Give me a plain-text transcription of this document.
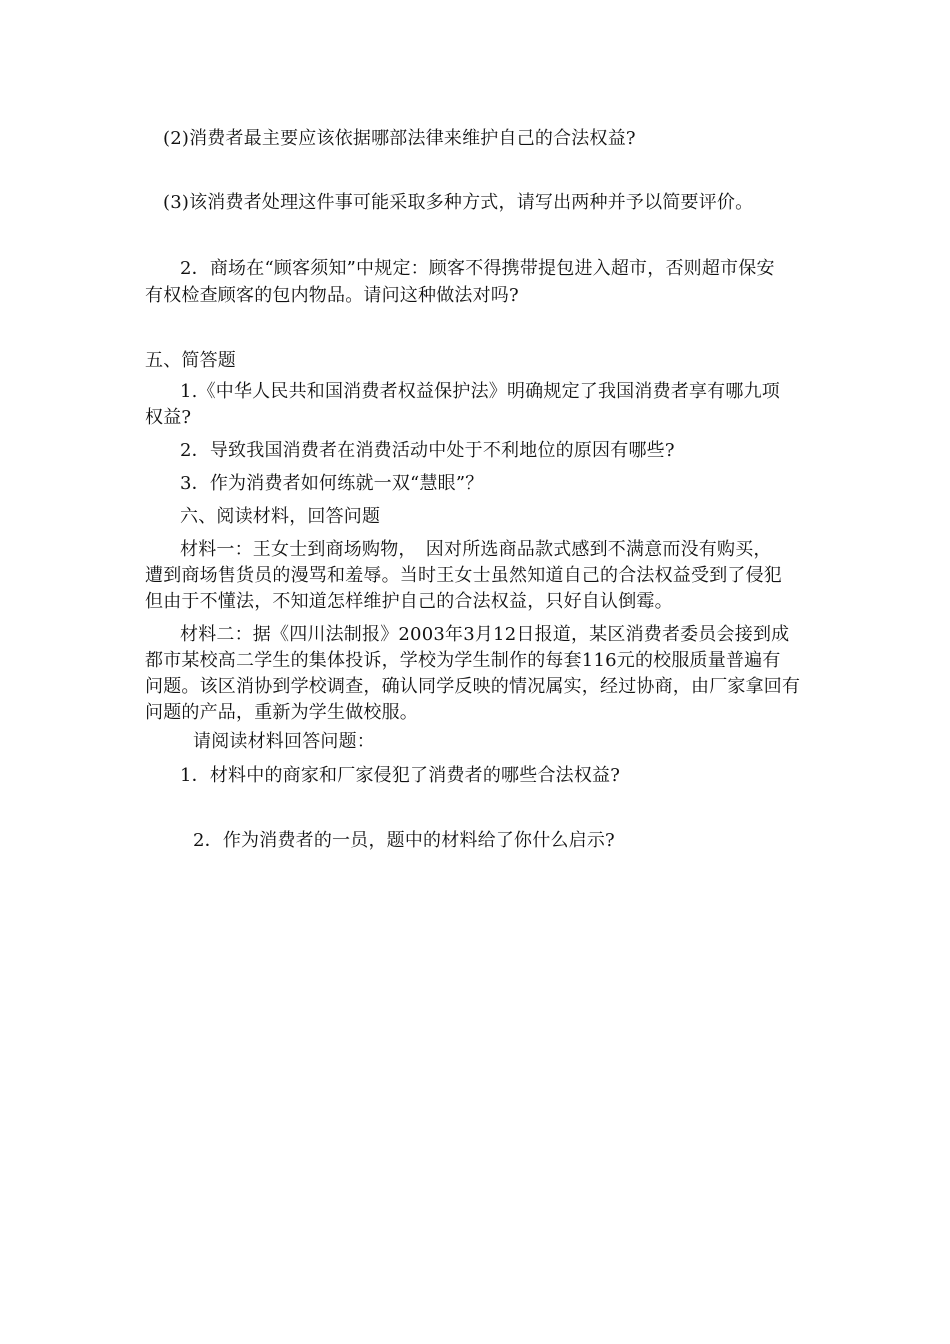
(2)消费者最主要应该依据哪部法律来维护自己的合法权益?
(3)该消费者处理这件事可能采取多种方式，请写出两种并予以简要评价。
2．商场在“顾客须知”中规定：顾客不得携带提包进入超市，否则超市保安
有权检查顾客的包内物品。请问这种做法对吗?
五、简答题
1.《中华人民共和国消费者权益保护法》明确规定了我国消费者享有哪九项
权益?
2．导致我国消费者在消费活动中处于不利地位的原因有哪些?
3．作为消费者如何练就一双“慧眼”？
六、阅读材料，回答问题
材料一：王女士到商场购物，　因对所选商品款式感到不满意而没有购买，
遭到商场售货员的漫骂和羞辱。当时王女士虽然知道自己的合法权益受到了侵犯
但由于不懂法，不知道怎样维护自己的合法权益，只好自认倒霉。
材料二：据《四川法制报》2003年3月12日报道，某区消费者委员会接到成
都市某校高二学生的集体投诉，学校为学生制作的每套116元的校服质量普遍有
问题。该区消协到学校调查，确认同学反映的情况属实，经过协商，由厂家拿回有
问题的产品，重新为学生做校服。
请阅读材料回答问题：
1．材料中的商家和厂家侵犯了消费者的哪些合法权益?
2．作为消费者的一员，题中的材料给了你什么启示?
